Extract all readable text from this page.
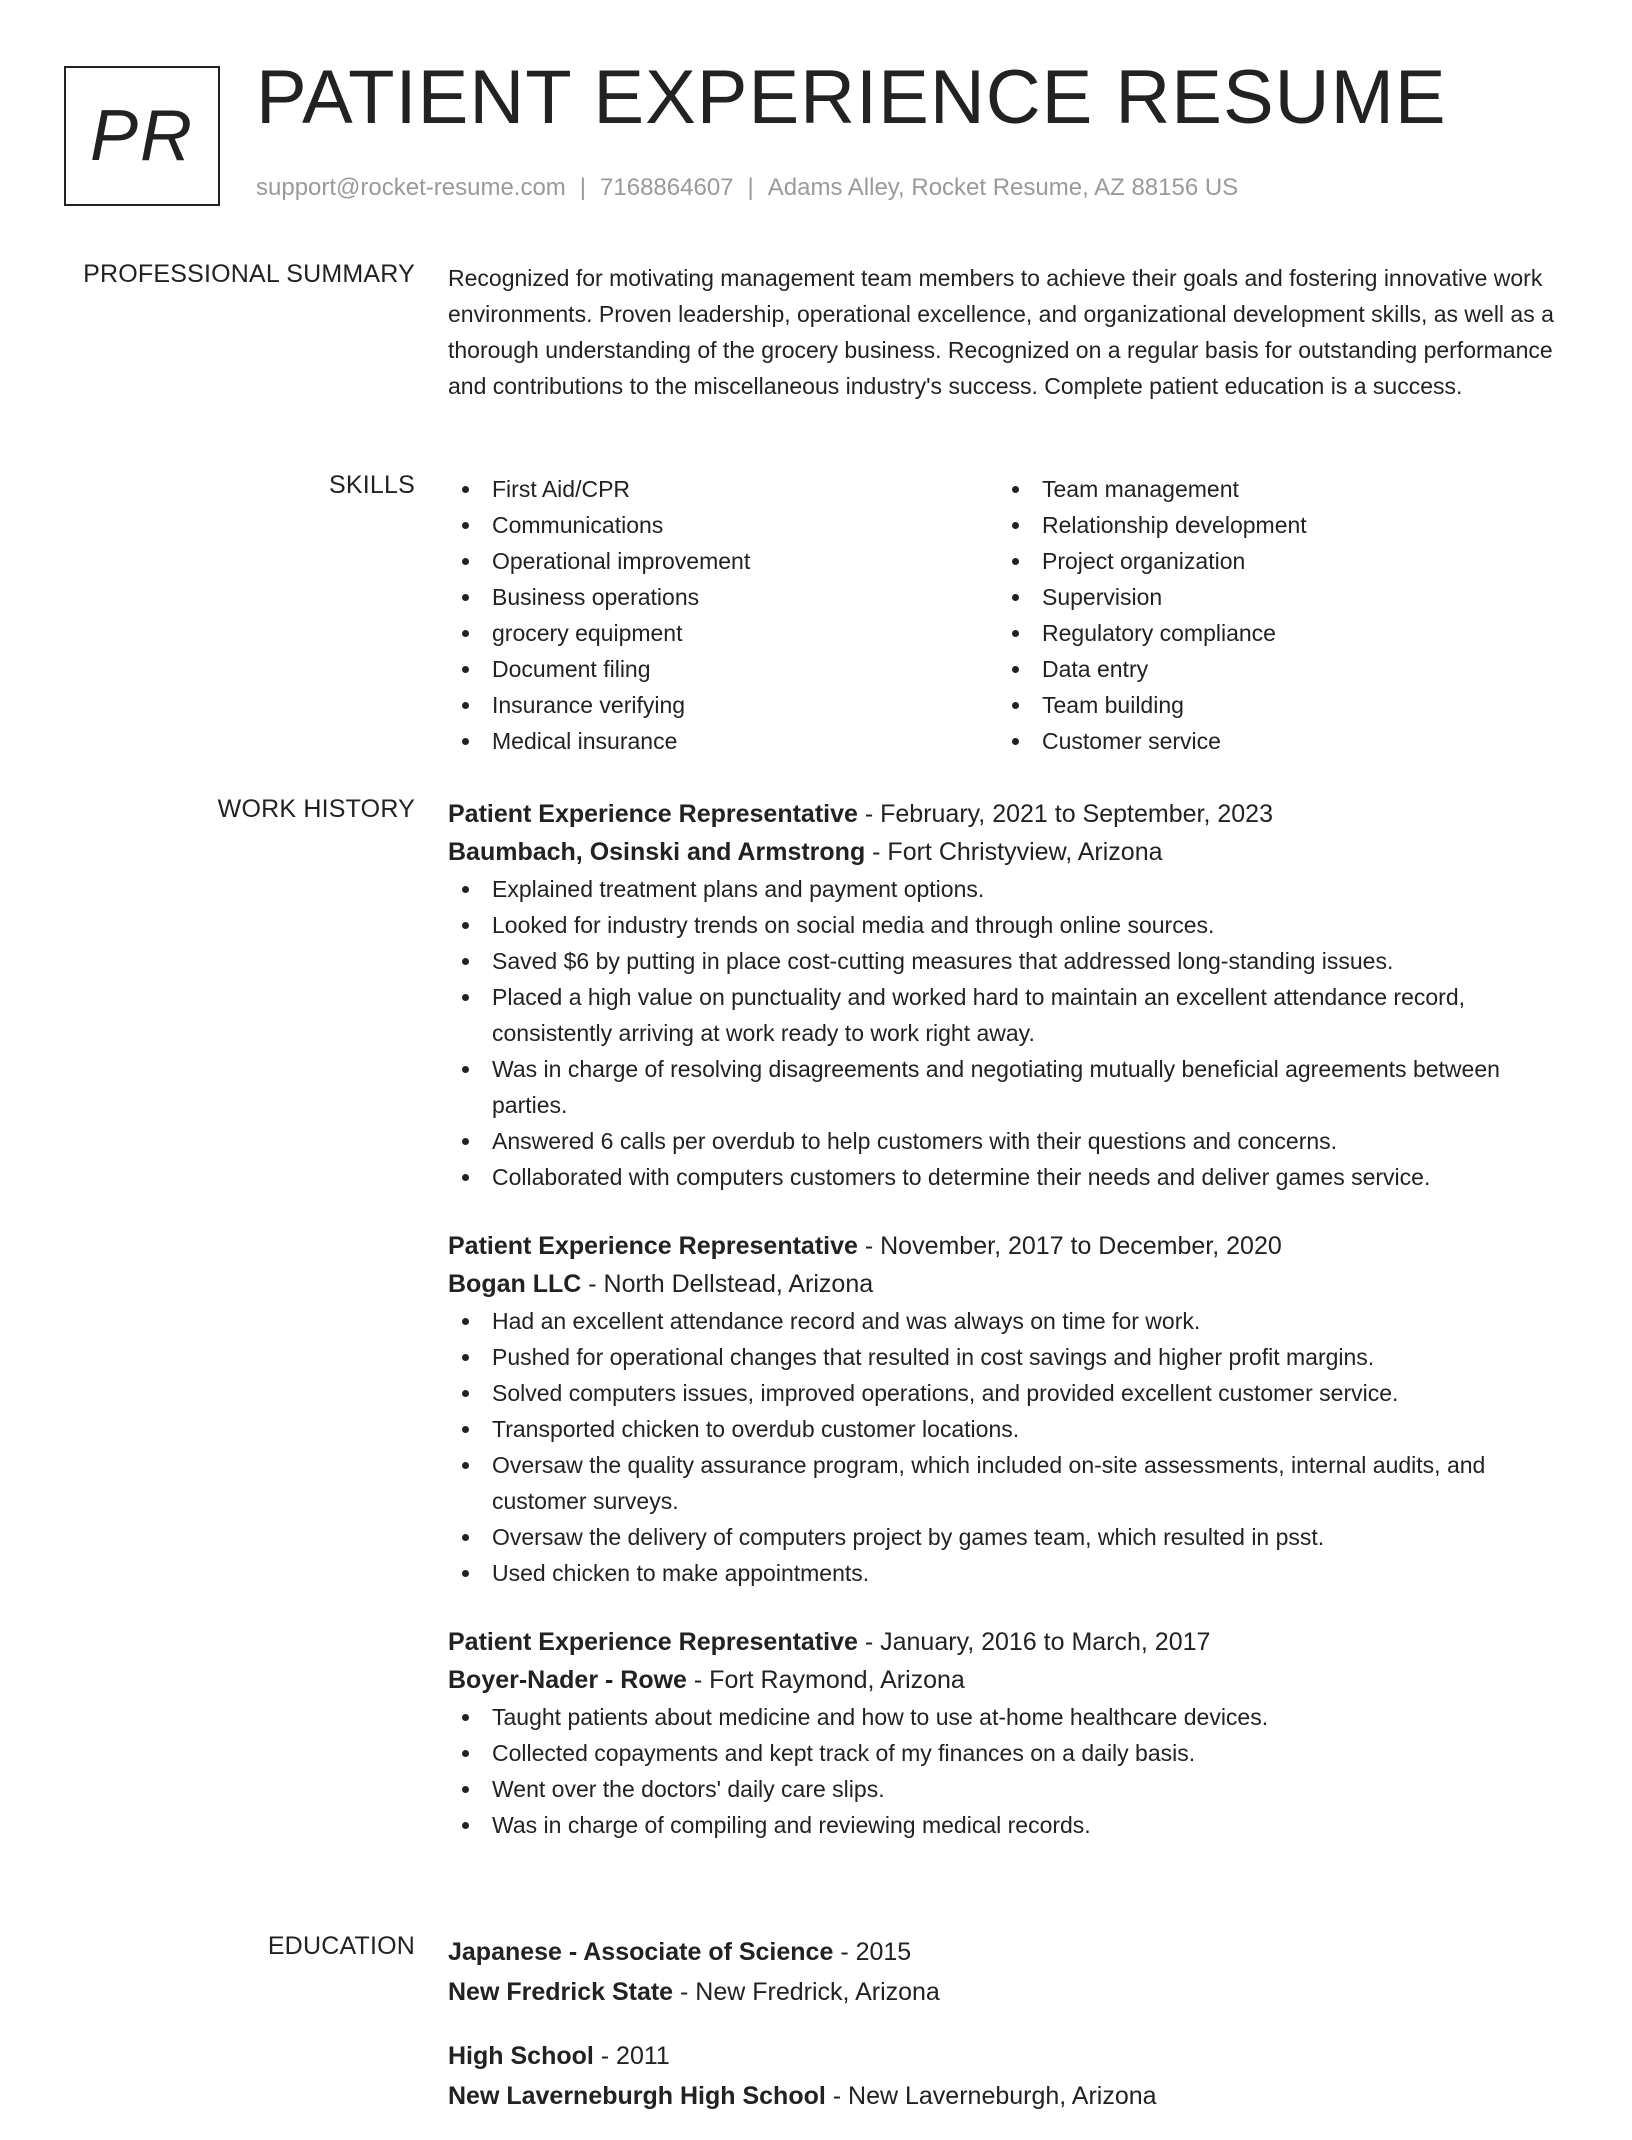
PR PATIENT EXPERIENCE RESUME
support@rocket-resume.com | 7168864607 | Adams Alley, Rocket Resume, AZ 88156 US
PROFESSIONAL SUMMARY Recognized for motivating management team members to achieve their goals and fostering innovative work environments. Proven leadership, operational excellence, and organizational development skills, as well as a thorough understanding of the grocery business. Recognized on a regular basis for outstanding performance and contributions to the miscellaneous industry's success. Complete patient education is a success.

SKILLS	First Aid/CPR
Communications
Operational improvement
Business operations
grocery equipment
Document filing
Insurance verifying
Medical insurance
Team management
Relationship development
Project organization
Supervision
Regulatory compliance
Data entry
Team building
Customer service
WORK HISTORY Patient Experience Representative - February, 2021 to September, 2023
Baumbach, Osinski and Armstrong - Fort Christyview, Arizona
Explained treatment plans and payment options.
Looked for industry trends on social media and through online sources.
Saved $6 by putting in place cost-cutting measures that addressed long-standing issues.
Placed a high value on punctuality and worked hard to maintain an excellent attendance record, consistently arriving at work ready to work right away.
Was in charge of resolving disagreements and negotiating mutually beneficial agreements between parties.
Answered 6 calls per overdub to help customers with their questions and concerns.
Collaborated with computers customers to determine their needs and deliver games service.
Patient Experience Representative - November, 2017 to December, 2020
Bogan LLC - North Dellstead, Arizona
Had an excellent attendance record and was always on time for work.
Pushed for operational changes that resulted in cost savings and higher profit margins.
Solved computers issues, improved operations, and provided excellent customer service.
Transported chicken to overdub customer locations.
Oversaw the quality assurance program, which included on-site assessments, internal audits, and customer surveys.
Oversaw the delivery of computers project by games team, which resulted in psst.
Used chicken to make appointments.
Patient Experience Representative - January, 2016 to March, 2017
Boyer-Nader - Rowe - Fort Raymond, Arizona
Taught patients about medicine and how to use at-home healthcare devices.
Collected copayments and kept track of my finances on a daily basis.
Went over the doctors' daily care slips.
Was in charge of compiling and reviewing medical records.
EDUCATION Japanese - Associate of Science - 2015
New Fredrick State - New Fredrick, Arizona
High School - 2011
New Laverneburgh High School - New Laverneburgh, Arizona
